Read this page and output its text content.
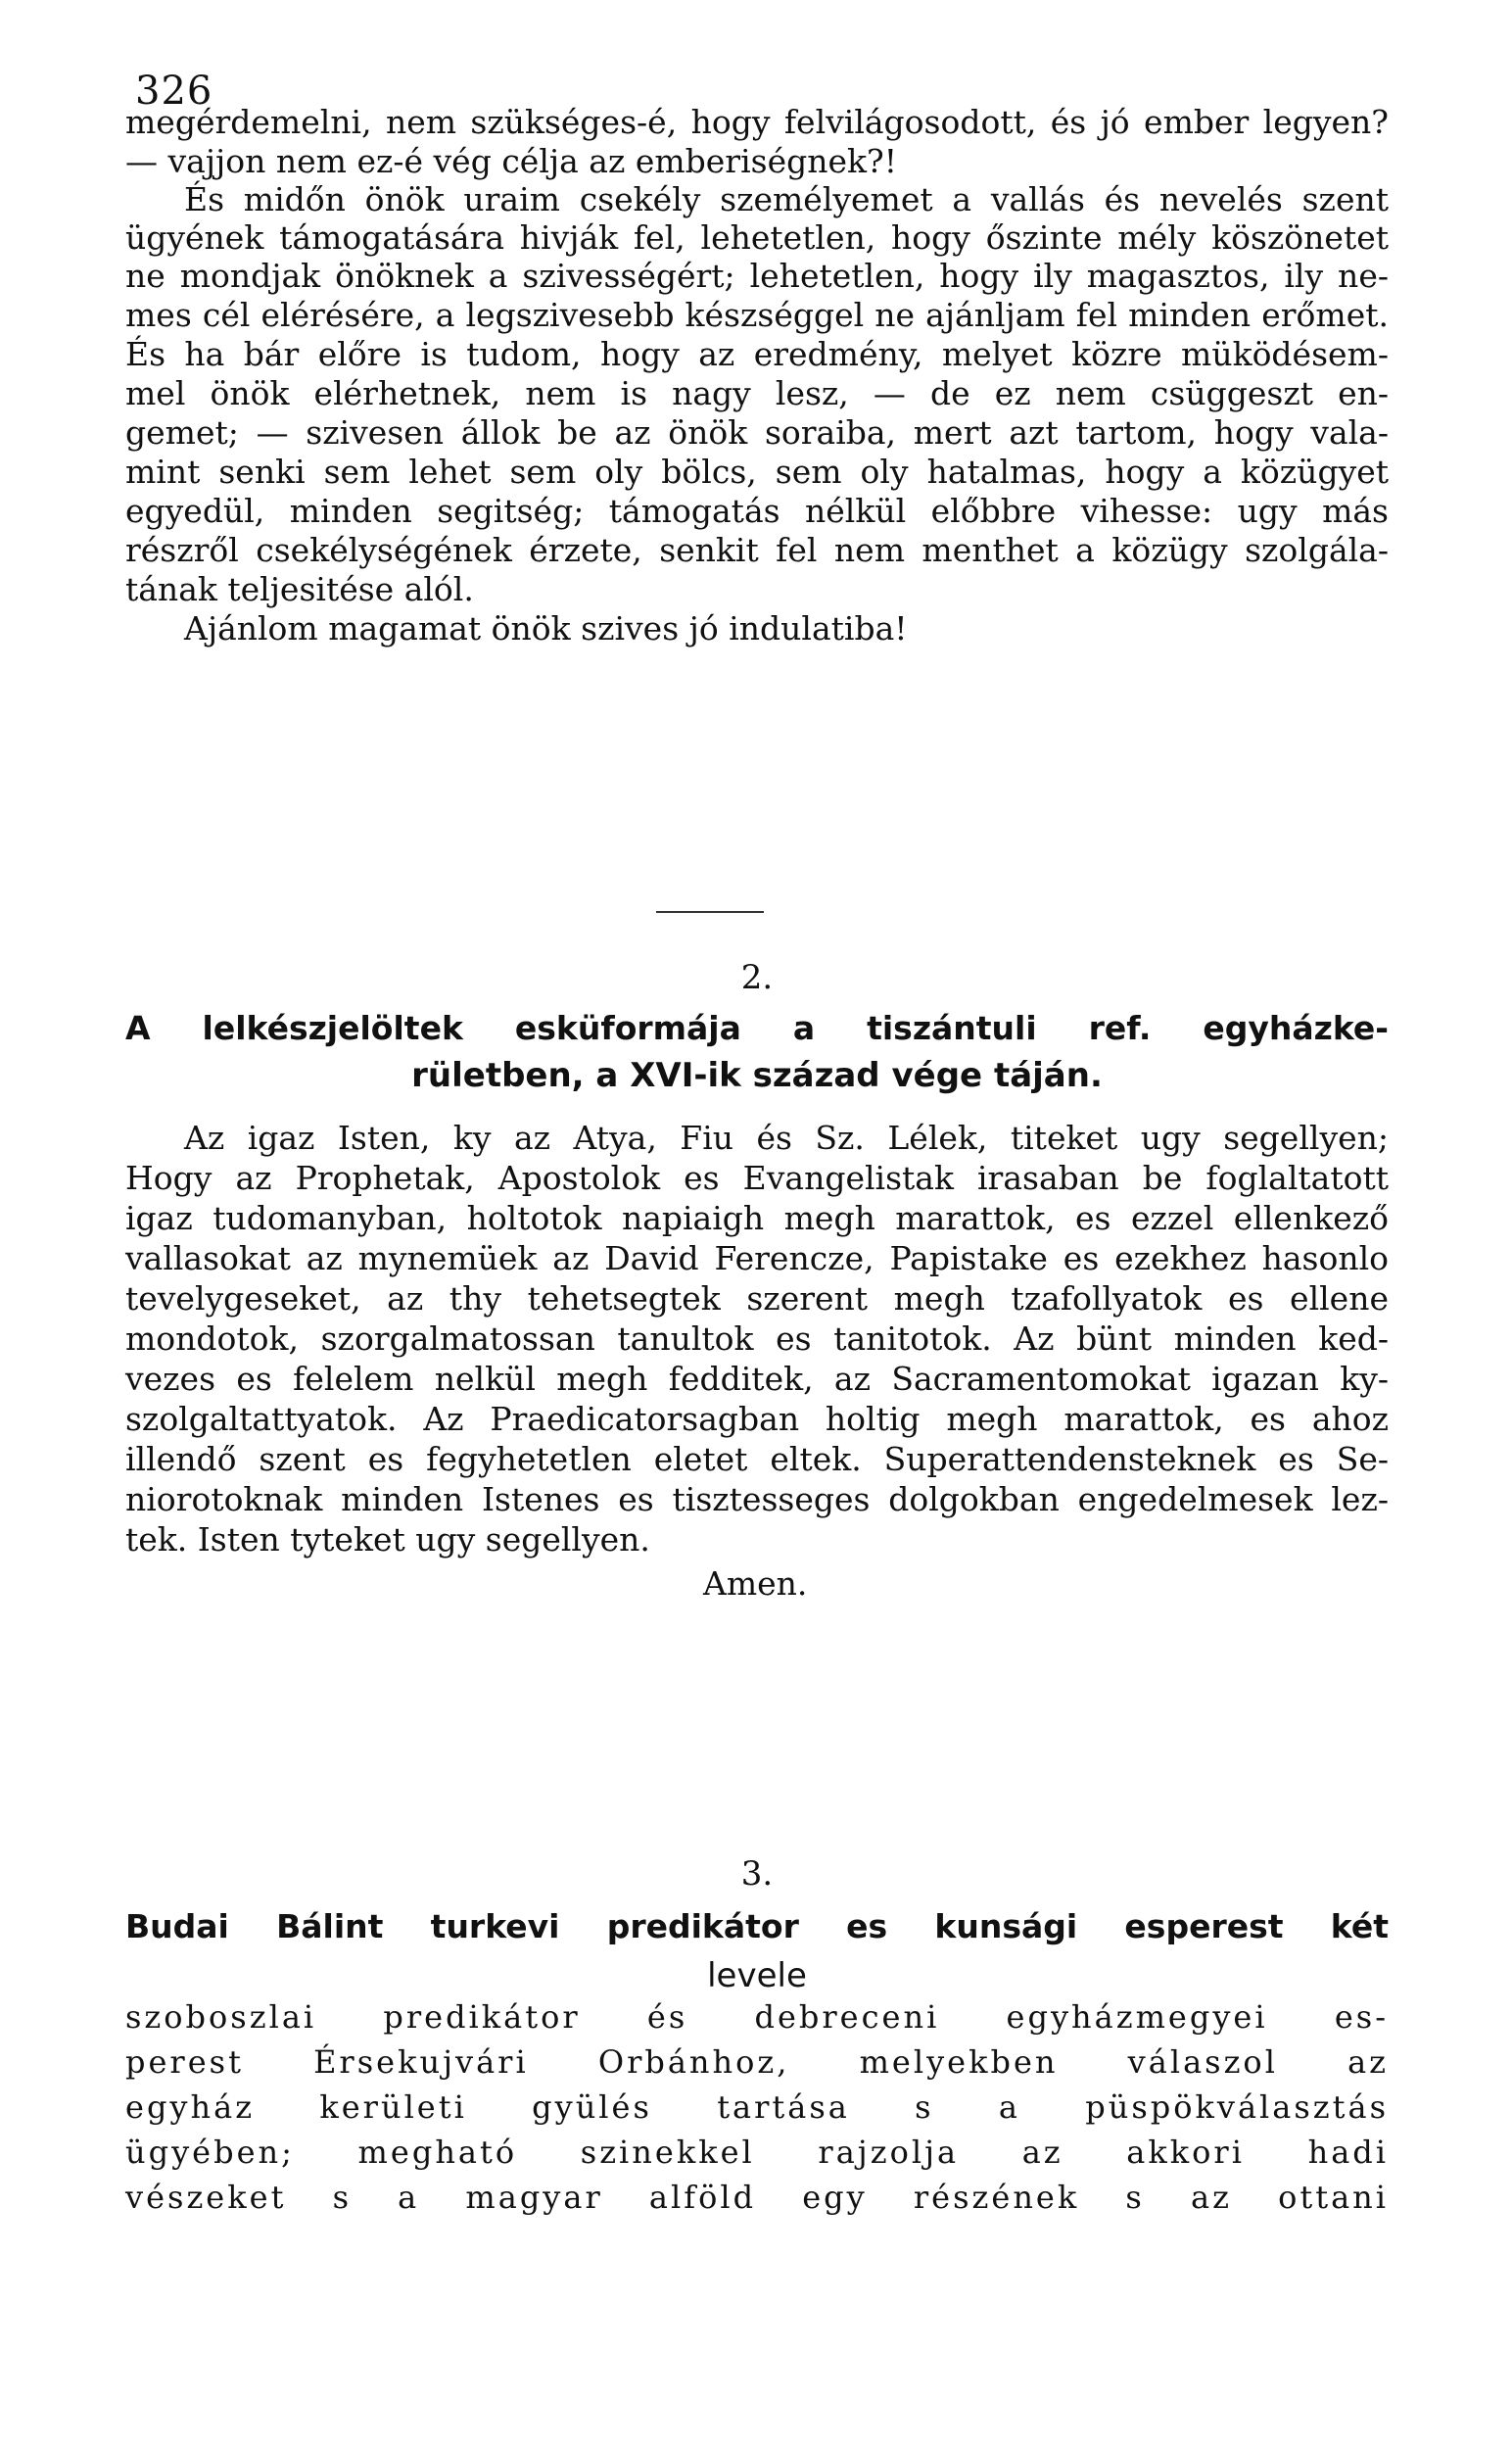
326
megérdemelni, nem szükséges-é, hogy felvilágosodott, és jó ember legyen?
— vajjon nem ez-é vég célja az emberiségnek?!
És midőn önök uraim csekély személyemet a vallás és nevelés szent
ügyének támogatására hivják fel, lehetetlen, hogy őszinte mély köszönetet
ne mondjak önöknek a szivességért; lehetetlen, hogy ily magasztos, ily ne-
mes cél elérésére, a legszivesebb készséggel ne ajánljam fel minden erőmet.
És ha bár előre is tudom, hogy az eredmény, melyet közre müködésem-
mel önök elérhetnek, nem is nagy lesz, — de ez nem csüggeszt en-
gemet; — szivesen állok be az önök soraiba, mert azt tartom, hogy vala-
mint senki sem lehet sem oly bölcs, sem oly hatalmas, hogy a közügyet
egyedül, minden segitség; támogatás nélkül előbbre vihesse: ugy más
részről csekélységének érzete, senkit fel nem menthet a közügy szolgála-
tának teljesitése alól.
Ajánlom magamat önök szives jó indulatiba!
2.
A lelkészjelöltek esküformája a tiszántuli ref. egyházke-
rületben, a XVI-ik század vége táján.
Az igaz Isten, ky az Atya, Fiu és Sz. Lélek, titeket ugy segellyen;
Hogy az Prophetak, Apostolok es Evangelistak irasaban be foglaltatott
igaz tudomanyban, holtotok napiaigh megh marattok, es ezzel ellenkező
vallasokat az mynemüek az David Ferencze, Papistake es ezekhez hasonlo
tevelygeseket, az thy tehetsegtek szerent megh tzafollyatok es ellene
mondotok, szorgalmatossan tanultok es tanitotok. Az bünt minden ked-
vezes es felelem nelkül megh fedditek, az Sacramentomokat igazan ky-
szolgaltattyatok. Az Praedicatorsagban holtig megh marattok, es ahoz
illendő szent es fegyhetetlen eletet eltek. Superattendensteknek es Se-
niorotoknak minden Istenes es tisztesseges dolgokban engedelmesek lez-
tek. Isten tyteket ugy segellyen.
Amen.
3.
Budai Bálint turkevi predikátor es kunsági esperest két
levele
szoboszlai predikátor és debreceni egyházmegyei es-
perest Érsekujvári Orbánhoz, melyekben válaszol az
egyház kerületi gyülés tartása s a püspökválasztás
ügyében; megható szinekkel rajzolja az akkori hadi
vészeket s a magyar alföld egy részének s az ottani
